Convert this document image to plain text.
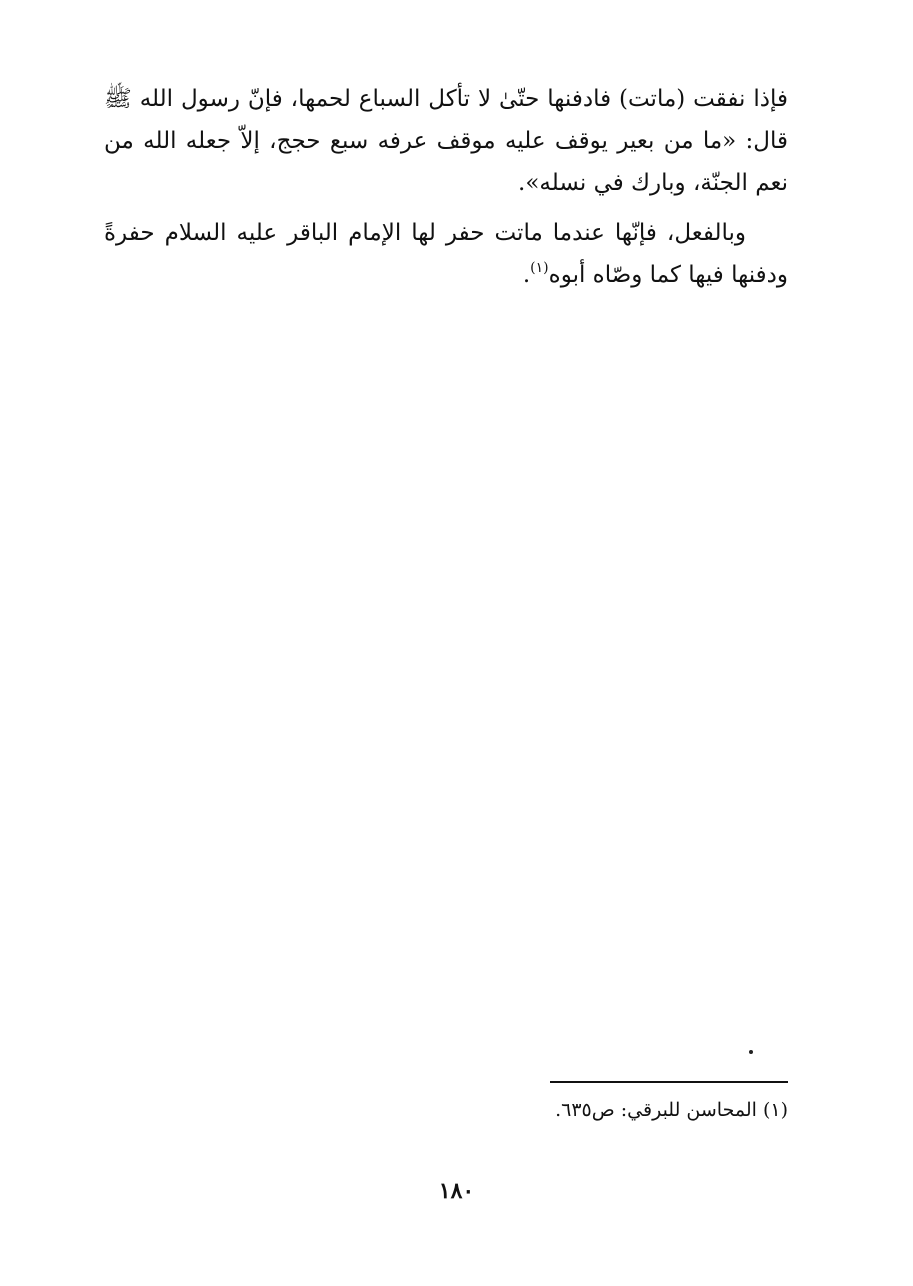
فإذا نفقت (ماتت) فادفنها حتّىٰ لا تأكل السباع لحمها، فإنّ رسول الله ﷺ قال: «ما من بعير يوقف عليه موقف عرفه سبع حجج، إلاّ جعله الله من نعم الجنّة، وبارك في نسله».

وبالفعل، فإنّها عندما ماتت حفر لها الإمام الباقر عليه السلام حفرةً ودفنها فيها كما وصّاه أبوه$^{(١)}$.

(١) المحاسن للبرقي: ص٦٣٥.
١٨٠
